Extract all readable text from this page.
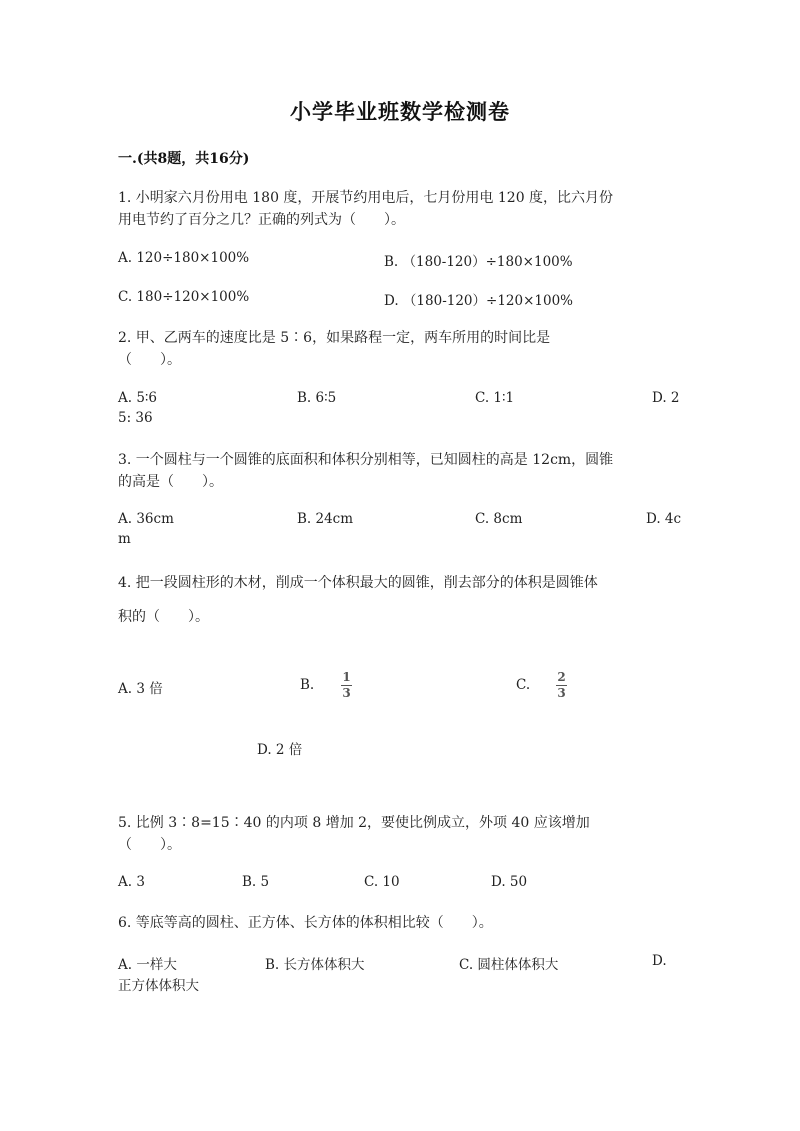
小学毕业班数学检测卷
一.(共8题，共16分)
1. 小明家六月份用电 180 度，开展节约用电后，七月份用电 120 度，比六月份
用电节约了百分之几？正确的列式为（　　）。
A. 120÷180×100%	B. （180-120）÷180×100%
C. 180÷120×100%	D. （180-120）÷120×100%
2. 甲、乙两车的速度比是 5∶6，如果路程一定，两车所用的时间比是
（　　）。
A. 5∶6	B. 6∶5	C. 1∶1	D. 2
5: 36
3. 一个圆柱与一个圆锥的底面积和体积分别相等，已知圆柱的高是 12cm，圆锥
的高是（　　）。
A. 36cm	B. 24cm	C. 8cm	D. 4c
m
4. 把一段圆柱形的木材，削成一个体积最大的圆锥，削去部分的体积是圆锥体
积的（　　）。
A. 3 倍	B. 1
3	C. 2
3
D. 2 倍
5. 比例 3∶8=15∶40 的内项 8 增加 2，要使比例成立，外项 40 应该增加
（　　）。
A. 3	B. 5	C. 10	D. 50
6. 等底等高的圆柱、正方体、长方体的体积相比较（　　）。
A. 一样大	B. 长方体体积大	C. 圆柱体体积大	D.
正方体体积大
